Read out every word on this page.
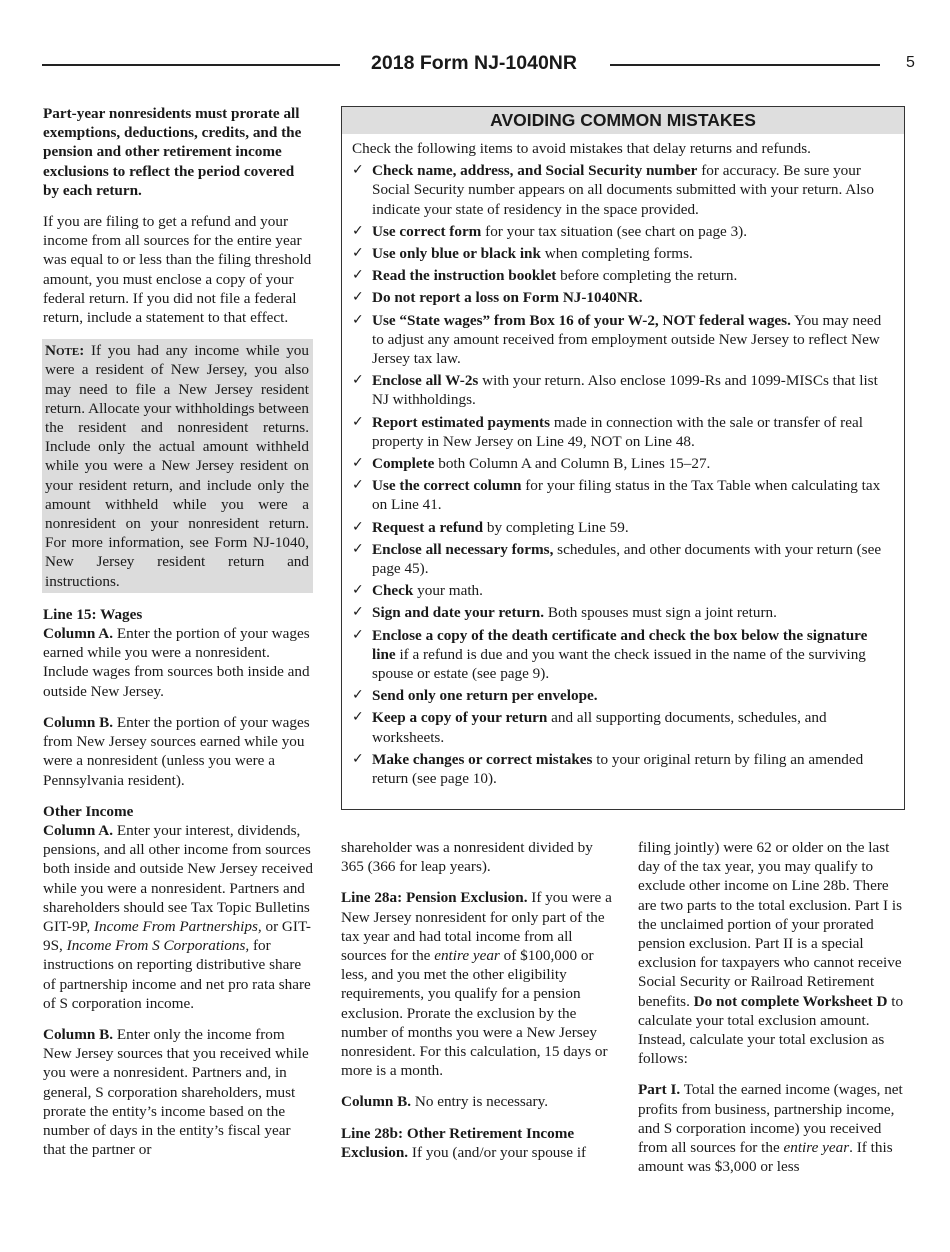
2018 Form NJ-1040NR	5

Part-year nonresidents must prorate all exemptions, deductions, credits, and the pension and other retirement income exclusions to reflect the period covered by each return.

If you are filing to get a refund and your income from all sources for the entire year was equal to or less than the filing threshold amount, you must enclose a copy of your federal return. If you did not file a federal return, include a statement to that effect.

Note: If you had any income while you were a resident of New Jersey, you also may need to file a New Jersey resident return. Allocate your withholdings between the resident and nonresident returns. Include only the actual amount withheld while you were a New Jersey resident on your resident return, and include only the amount withheld while you were a nonresident on your nonresident return. For more information, see Form NJ-1040, New Jersey resident return and instructions.

Line 15: Wages

Column A. Enter the portion of your wages earned while you were a nonresident. Include wages from sources both inside and outside New Jersey.

Column B. Enter the portion of your wages from New Jersey sources earned while you were a nonresident (unless you were a Pennsylvania resident).

Other Income

Column A. Enter your interest, dividends, pensions, and all other income from sources both inside and outside New Jersey received while you were a nonresident. Partners and shareholders should see Tax Topic Bulletins GIT-9P, Income From Partnerships, or GIT-9S, Income From S Corporations, for instructions on reporting distributive share of partnership income and net pro rata share of S corporation income.

Column B. Enter only the income from New Jersey sources that you received while you were a nonresident. Partners and, in general, S corporation shareholders, must prorate the entity’s income based on the number of days in the entity’s fiscal year that the partner or

AVOIDING COMMON MISTAKES
Check the following items to avoid mistakes that delay returns and refunds.
✓ Check name, address, and Social Security number for accuracy. Be sure your Social Security number appears on all documents submitted with your return. Also indicate your state of residency in the space provided.
✓ Use correct form for your tax situation (see chart on page 3).
✓ Use only blue or black ink when completing forms.
✓ Read the instruction booklet before completing the return.
✓ Do not report a loss on Form NJ-1040NR.
✓ Use “State wages” from Box 16 of your W-2, NOT federal wages. You may need to adjust any amount received from employment outside New Jersey to reflect New Jersey tax law.
✓ Enclose all W-2s with your return. Also enclose 1099-Rs and 1099-MISCs that list NJ withholdings.
✓ Report estimated payments made in connection with the sale or transfer of real property in New Jersey on Line 49, NOT on Line 48.
✓ Complete both Column A and Column B, Lines 15–27.
✓ Use the correct column for your filing status in the Tax Table when calculating tax on Line 41.
✓ Request a refund by completing Line 59.
✓ Enclose all necessary forms, schedules, and other documents with your return (see page 45).
✓ Check your math.
✓ Sign and date your return. Both spouses must sign a joint return.
✓ Enclose a copy of the death certificate and check the box below the signature line if a refund is due and you want the check issued in the name of the surviving spouse or estate (see page 9).
✓ Send only one return per envelope.
✓ Keep a copy of your return and all supporting documents, schedules, and worksheets.
✓ Make changes or correct mistakes to your original return by filing an amended return (see page 10).

shareholder was a nonresident divided by 365 (366 for leap years).

Line 28a: Pension Exclusion. If you were a New Jersey nonresident for only part of the tax year and had total income from all sources for the entire year of $100,000 or less, and you met the other eligibility requirements, you qualify for a pension exclusion. Prorate the exclusion by the number of months you were a New Jersey nonresident. For this calculation, 15 days or more is a month.

Column B. No entry is necessary.

Line 28b: Other Retirement Income Exclusion. If you (and/or your spouse if

filing jointly) were 62 or older on the last day of the tax year, you may qualify to exclude other income on Line 28b. There are two parts to the total exclusion. Part I is the unclaimed portion of your prorated pension exclusion. Part II is a special exclusion for taxpayers who cannot receive Social Security or Railroad Retirement benefits. Do not complete Worksheet D to calculate your total exclusion amount. Instead, calculate your total exclusion as follows:

Part I. Total the earned income (wages, net profits from business, partnership income, and S corporation income) you received from all sources for the entire year. If this amount was $3,000 or less
